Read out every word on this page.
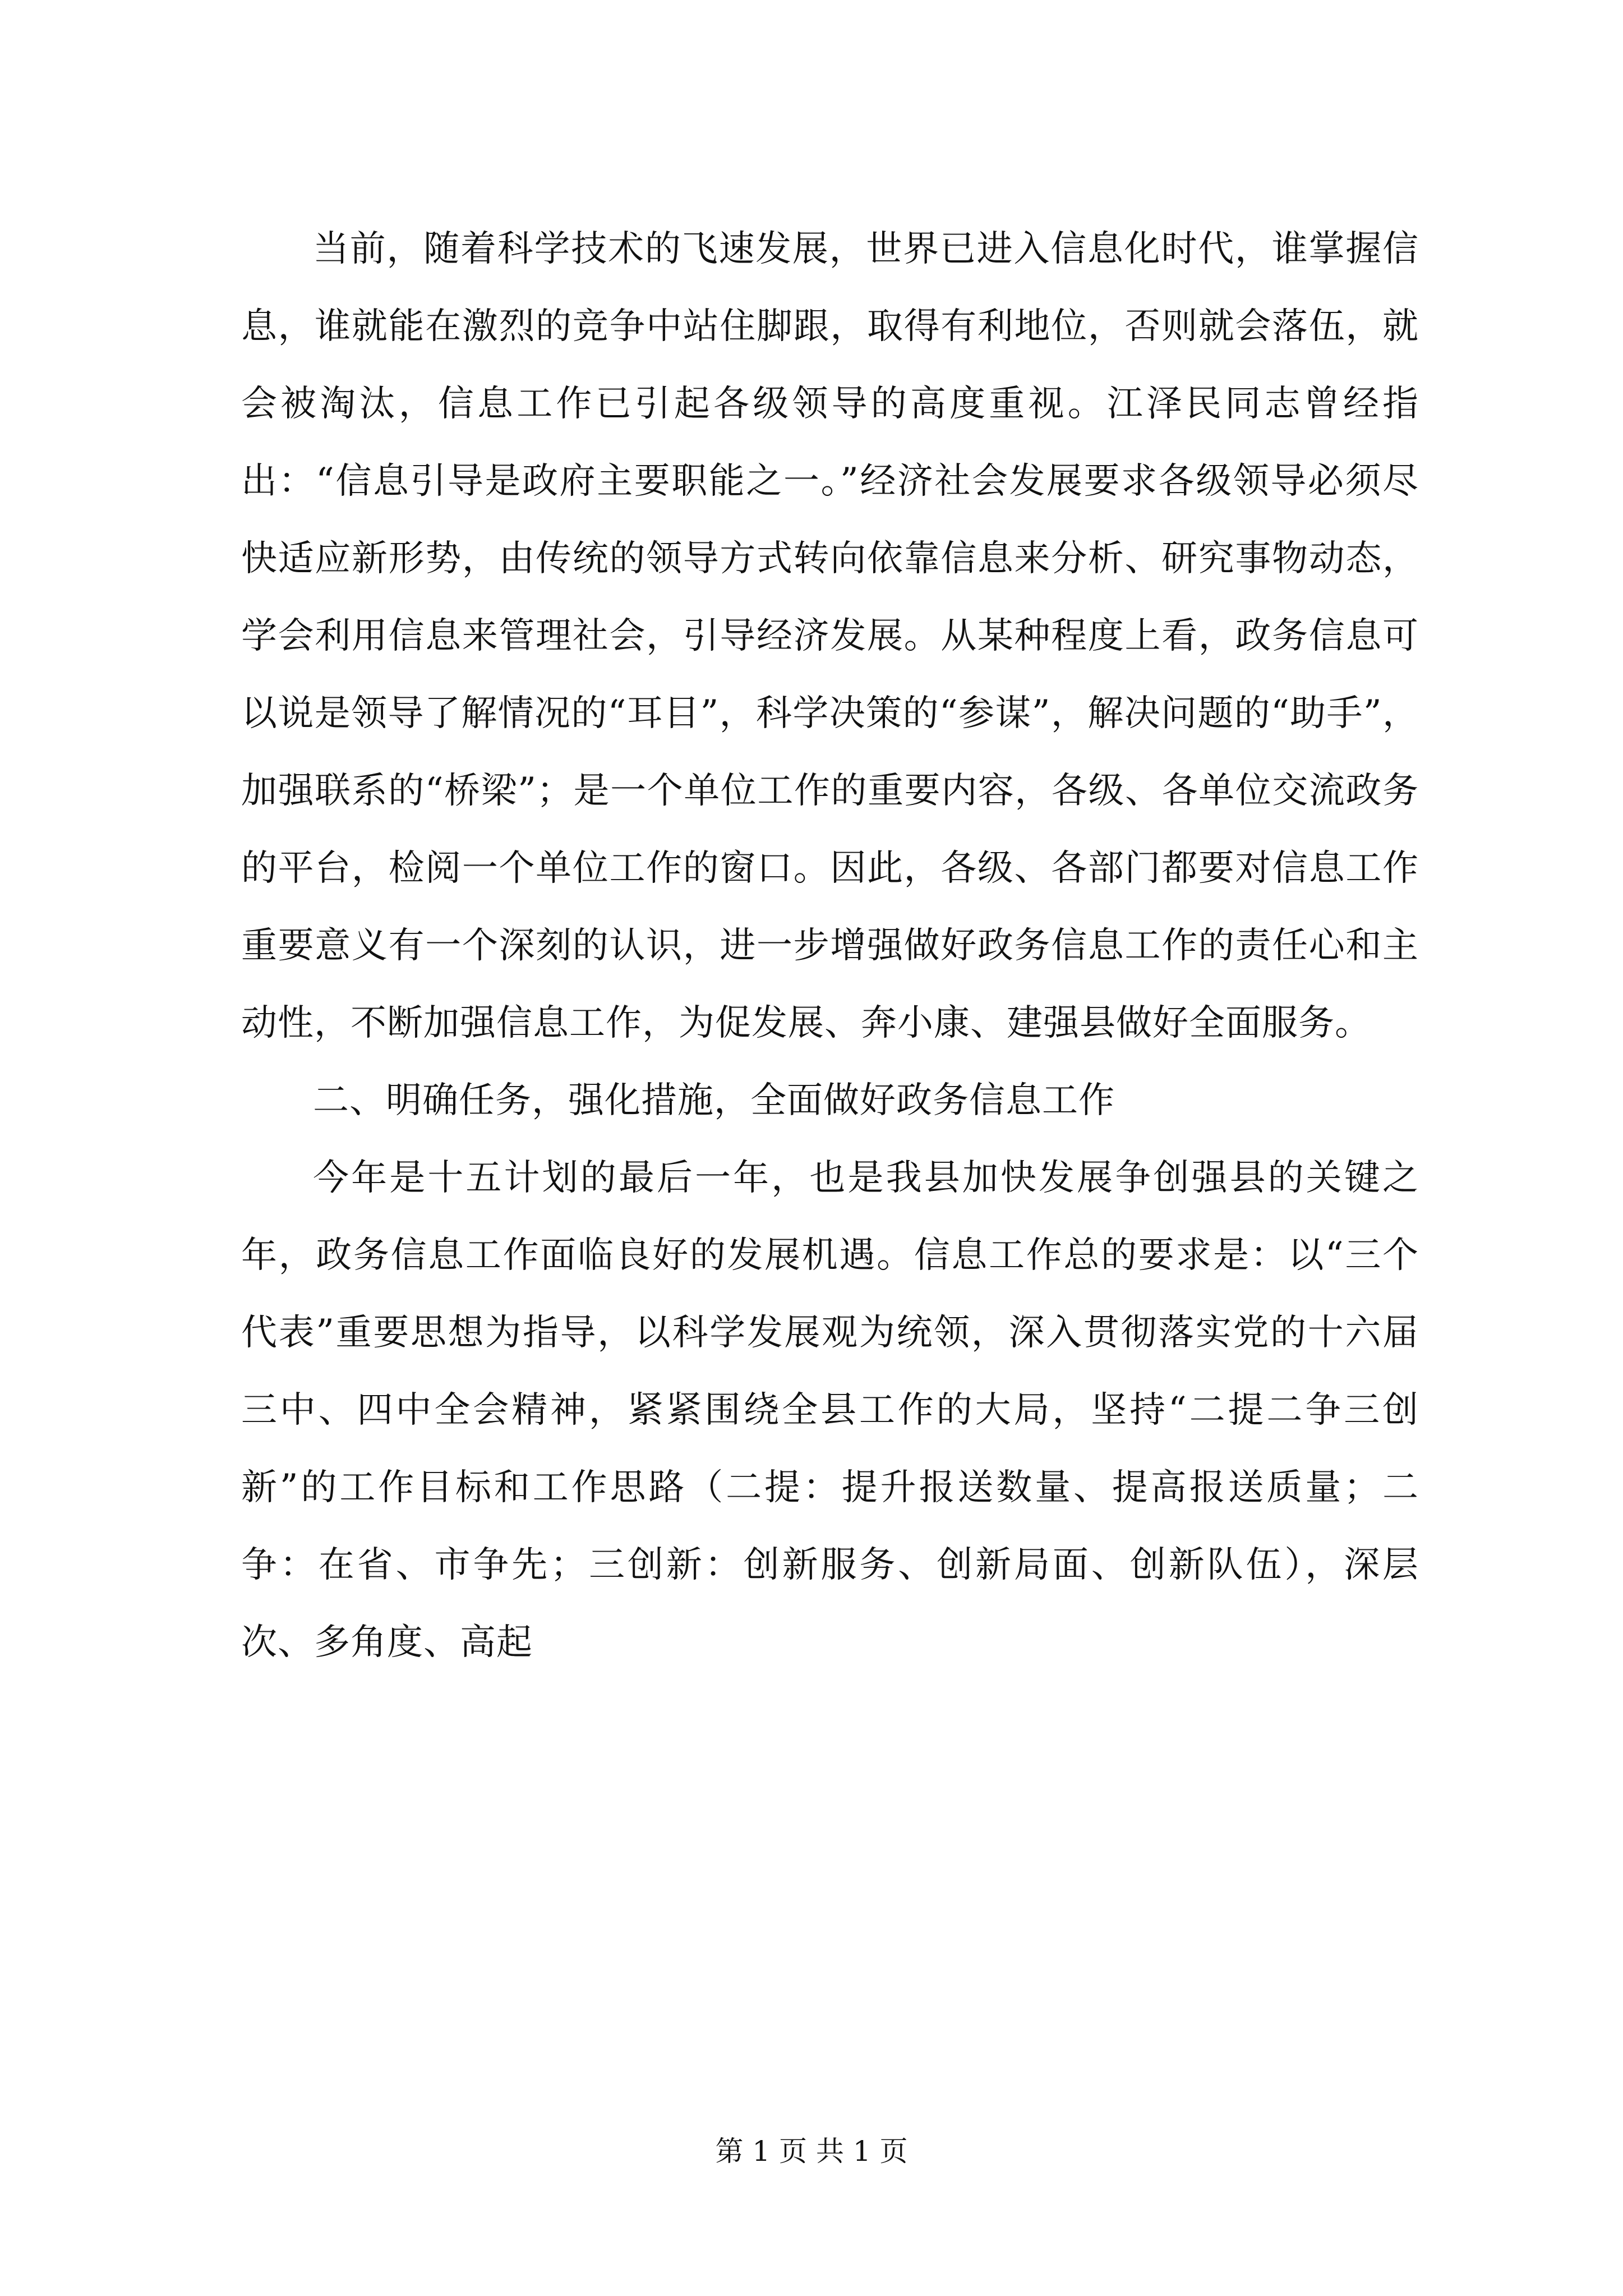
当前，随着科学技术的飞速发展，世界已进入信息化时代，谁掌握信息，谁就能在激烈的竞争中站住脚跟，取得有利地位，否则就会落伍，就会被淘汰，信息工作已引起各级领导的高度重视。江泽民同志曾经指出：“信息引导是政府主要职能之一。”经济社会发展要求各级领导必须尽快适应新形势，由传统的领导方式转向依靠信息来分析、研究事物动态，学会利用信息来管理社会，引导经济发展。从某种程度上看，政务信息可以说是领导了解情况的“耳目”，科学决策的“参谋”，解决问题的“助手”，加强联系的“桥梁”；是一个单位工作的重要内容，各级、各单位交流政务的平台，检阅一个单位工作的窗口。因此，各级、各部门都要对信息工作重要意义有一个深刻的认识，进一步增强做好政务信息工作的责任心和主动性，不断加强信息工作，为促发展、奔小康、建强县做好全面服务。

二、明确任务，强化措施，全面做好政务信息工作

今年是十五计划的最后一年，也是我县加快发展争创强县的关键之年，政务信息工作面临良好的发展机遇。信息工作总的要求是：以“三个代表”重要思想为指导，以科学发展观为统领，深入贯彻落实党的十六届三中、四中全会精神，紧紧围绕全县工作的大局，坚持“二提二争三创新”的工作目标和工作思路（二提：提升报送数量、提高报送质量；二争：在省、市争先；三创新：创新服务、创新局面、创新队伍），深层次、多角度、高起

第 1 页 共 1 页
